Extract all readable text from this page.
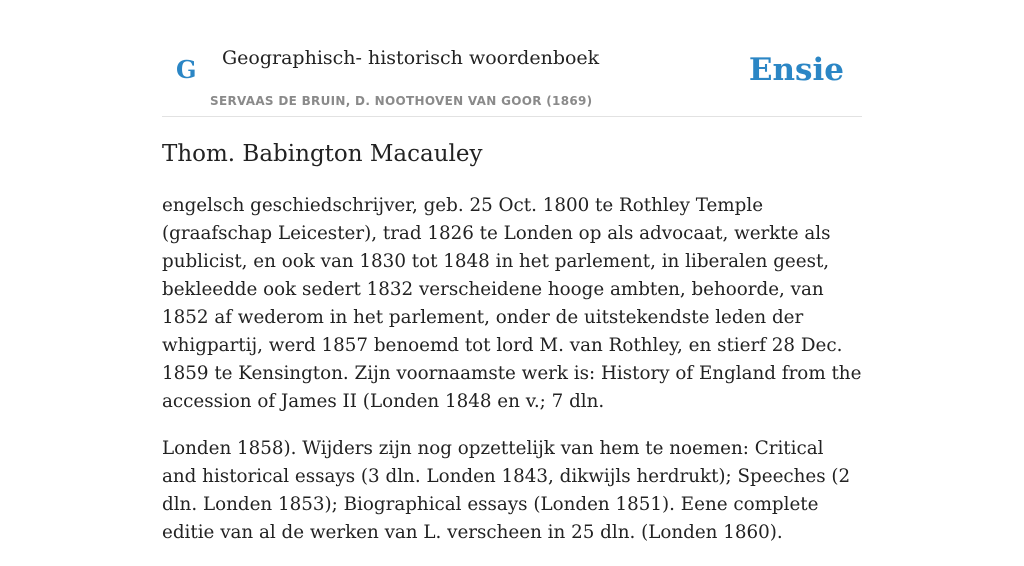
G Geographisch- historisch woordenboek
SERVAAS DE BRUIN, D. NOOTHOVEN VAN GOOR (1869)
Ensie
Thom. Babington Macauley

engelsch geschiedschrijver, geb. 25 Oct. 1800 te Rothley Temple (graafschap Leicester), trad 1826 te Londen op als advocaat, werkte als publicist, en ook van 1830 tot 1848 in het parlement, in liberalen geest, bekleedde ook sedert 1832 verscheidene hooge ambten, behoorde, van 1852 af wederom in het parlement, onder de uitstekendste leden der whigpartij, werd 1857 benoemd tot lord M. van Rothley, en stierf 28 Dec. 1859 te Kensington. Zijn voornaamste werk is: History of England from the accession of James II (Londen 1848 en v.; 7 dln.

Londen 1858). Wijders zijn nog opzettelijk van hem te noemen: Critical and historical essays (3 dln. Londen 1843, dikwijls herdrukt); Speeches (2 dln. Londen 1853); Biographical essays (Londen 1851). Eene complete editie van al de werken van L. verscheen in 25 dln. (Londen 1860).
